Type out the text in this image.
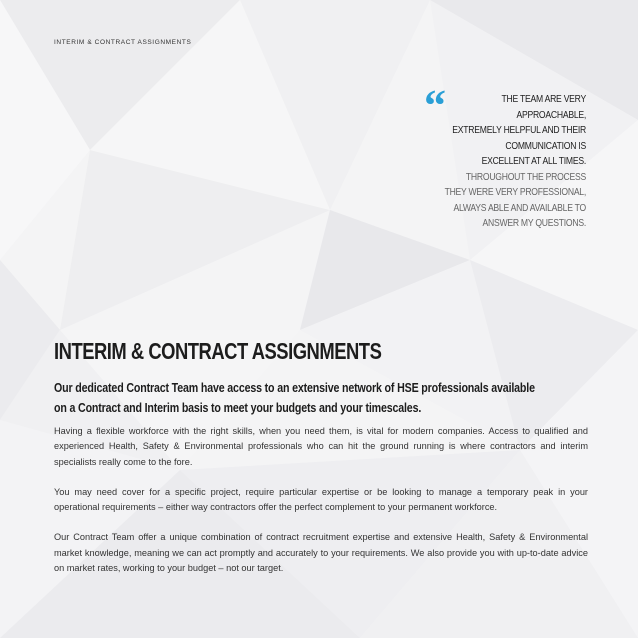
INTERIM & CONTRACT ASSIGNMENTS
“	THE TEAM ARE VERY
APPROACHABLE,
EXTREMELY HELPFUL AND THEIR
COMMUNICATION IS
EXCELLENT AT ALL TIMES.
THROUGHOUT THE PROCESS
THEY WERE VERY PROFESSIONAL,
ALWAYS ABLE AND AVAILABLE TO
ANSWER MY QUESTIONS.
INTERIM & CONTRACT ASSIGNMENTS
Our dedicated Contract Team have access to an extensive network of HSE professionals available
on a Contract and Interim basis to meet your budgets and your timescales.

Having a flexible workforce with the right skills, when you need them, is vital for modern companies. Access to qualified and experienced Health, Safety & Environmental professionals who can hit the ground running is where contractors and interim specialists really come to the fore.

You may need cover for a specific project, require particular expertise or be looking to manage a temporary peak in your operational requirements – either way contractors offer the perfect complement to your permanent workforce.

Our Contract Team offer a unique combination of contract recruitment expertise and extensive Health, Safety & Environmental market knowledge, meaning we can act promptly and accurately to your requirements. We also provide you with up-to-date advice on market rates, working to your budget – not our target.
